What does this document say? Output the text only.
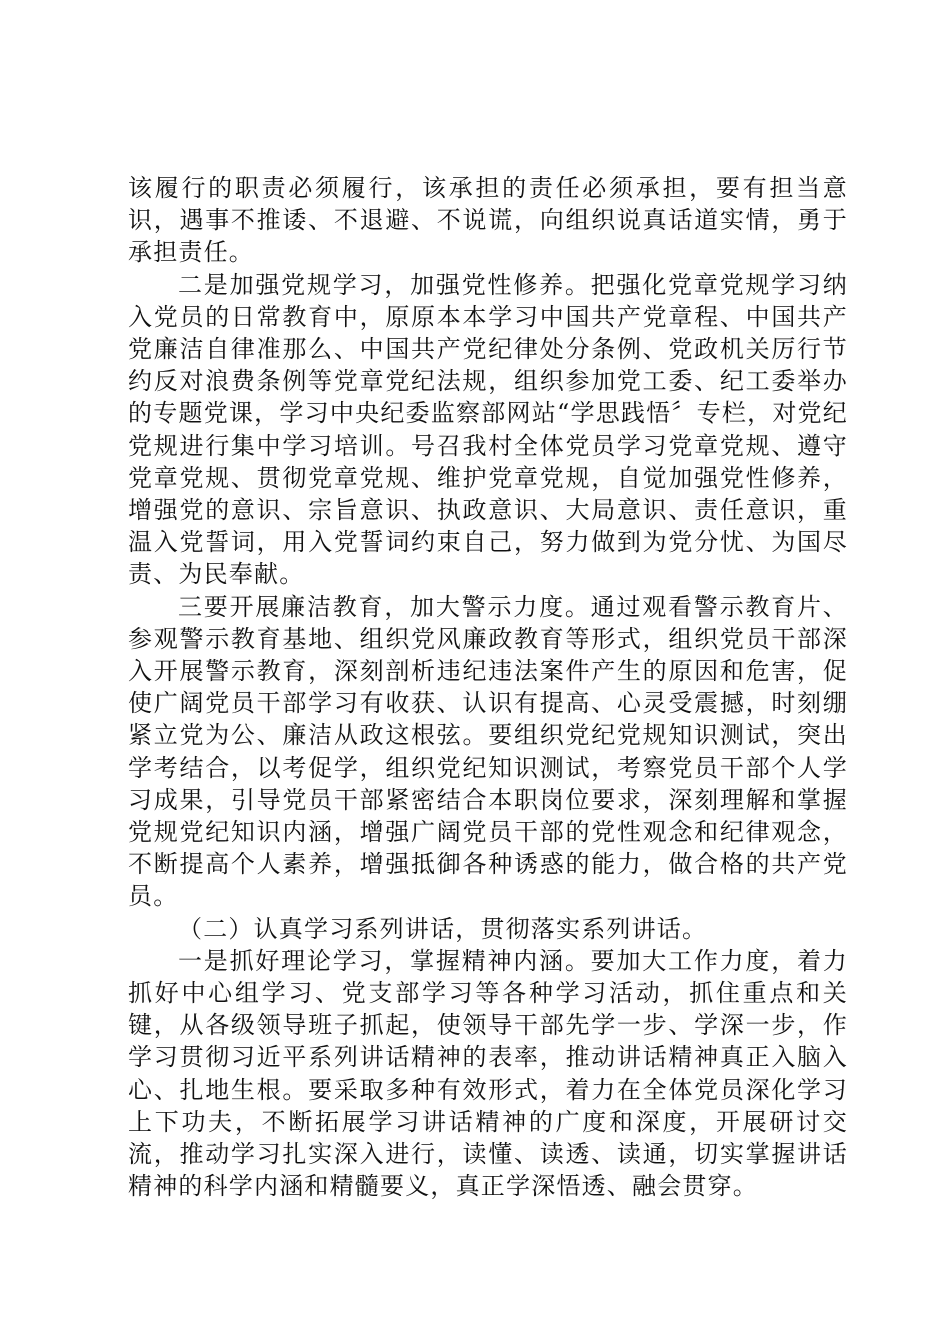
该履行的职责必须履行，该承担的责任必须承担，要有担当意识，遇事不推诿、不退避、不说谎，向组织说真话道实情，勇于承担责任。

二是加强党规学习，加强党性修养。把强化党章党规学习纳入党员的日常教育中，原原本本学习中国共产党章程、中国共产党廉洁自律准那么、中国共产党纪律处分条例、党政机关厉行节约反对浪费条例等党章党纪法规，组织参加党工委、纪工委举办的专题党课，学习中央纪委监察部网站“学思践悟〞专栏，对党纪党规进行集中学习培训。号召我村全体党员学习党章党规、遵守党章党规、贯彻党章党规、维护党章党规，自觉加强党性修养，增强党的意识、宗旨意识、执政意识、大局意识、责任意识，重温入党誓词，用入党誓词约束自己，努力做到为党分忧、为国尽责、为民奉献。

三要开展廉洁教育，加大警示力度。通过观看警示教育片、参观警示教育基地、组织党风廉政教育等形式，组织党员干部深入开展警示教育，深刻剖析违纪违法案件产生的原因和危害，促使广阔党员干部学习有收获、认识有提高、心灵受震撼，时刻绷紧立党为公、廉洁从政这根弦。要组织党纪党规知识测试，突出学考结合，以考促学，组织党纪知识测试，考察党员干部个人学习成果，引导党员干部紧密结合本职岗位要求，深刻理解和掌握党规党纪知识内涵，增强广阔党员干部的党性观念和纪律观念，不断提高个人素养，增强抵御各种诱惑的能力，做合格的共产党员。

（二）认真学习系列讲话，贯彻落实系列讲话。

一是抓好理论学习，掌握精神内涵。要加大工作力度，着力抓好中心组学习、党支部学习等各种学习活动，抓住重点和关键，从各级领导班子抓起，使领导干部先学一步、学深一步，作学习贯彻习近平系列讲话精神的表率，推动讲话精神真正入脑入心、扎地生根。要采取多种有效形式，着力在全体党员深化学习上下功夫，不断拓展学习讲话精神的广度和深度，开展研讨交流，推动学习扎实深入进行，读懂、读透、读通，切实掌握讲话精神的科学内涵和精髓要义，真正学深悟透、融会贯穿。
